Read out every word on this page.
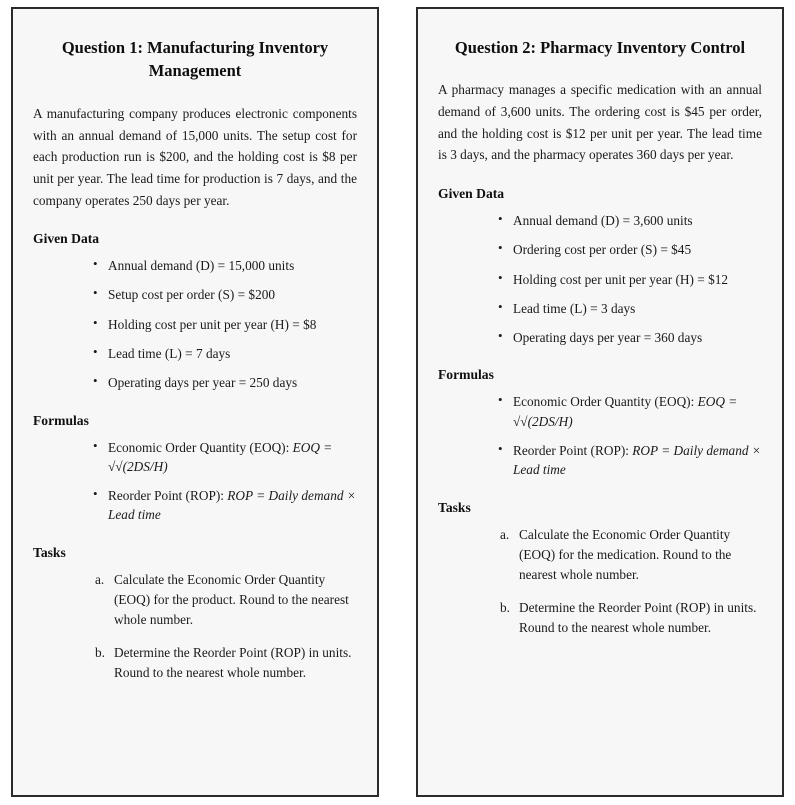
Question 1: Manufacturing Inventory Management

A manufacturing company produces electronic components with an annual demand of 15,000 units. The setup cost for each production run is $200, and the holding cost is $8 per unit per year. The lead time for production is 7 days, and the company operates 250 days per year.

Given Data
• Annual demand (D) = 15,000 units
• Setup cost per order (S) = $200
• Holding cost per unit per year (H) = $8
• Lead time (L) = 7 days
• Operating days per year = 250 days
Formulas
• Economic Order Quantity (EOQ): EOQ = √√(2DS/H)
• Reorder Point (ROP): ROP = Daily demand × Lead time
Tasks
Calculate the Economic Order Quantity (EOQ) for the product. Round to the nearest whole number.
Determine the Reorder Point (ROP) in units. Round to the nearest whole number.
Question 2: Pharmacy Inventory Control

A pharmacy manages a specific medication with an annual demand of 3,600 units. The ordering cost is $45 per order, and the holding cost is $12 per unit per year. The lead time is 3 days, and the pharmacy operates 360 days per year.

Given Data
• Annual demand (D) = 3,600 units
• Ordering cost per order (S) = $45
• Holding cost per unit per year (H) = $12
• Lead time (L) = 3 days
• Operating days per year = 360 days
Formulas
• Economic Order Quantity (EOQ): EOQ = √√(2DS/H)
• Reorder Point (ROP): ROP = Daily demand × Lead time
Tasks
Calculate the Economic Order Quantity (EOQ) for the medication. Round to the nearest whole number.
Determine the Reorder Point (ROP) in units. Round to the nearest whole number.
